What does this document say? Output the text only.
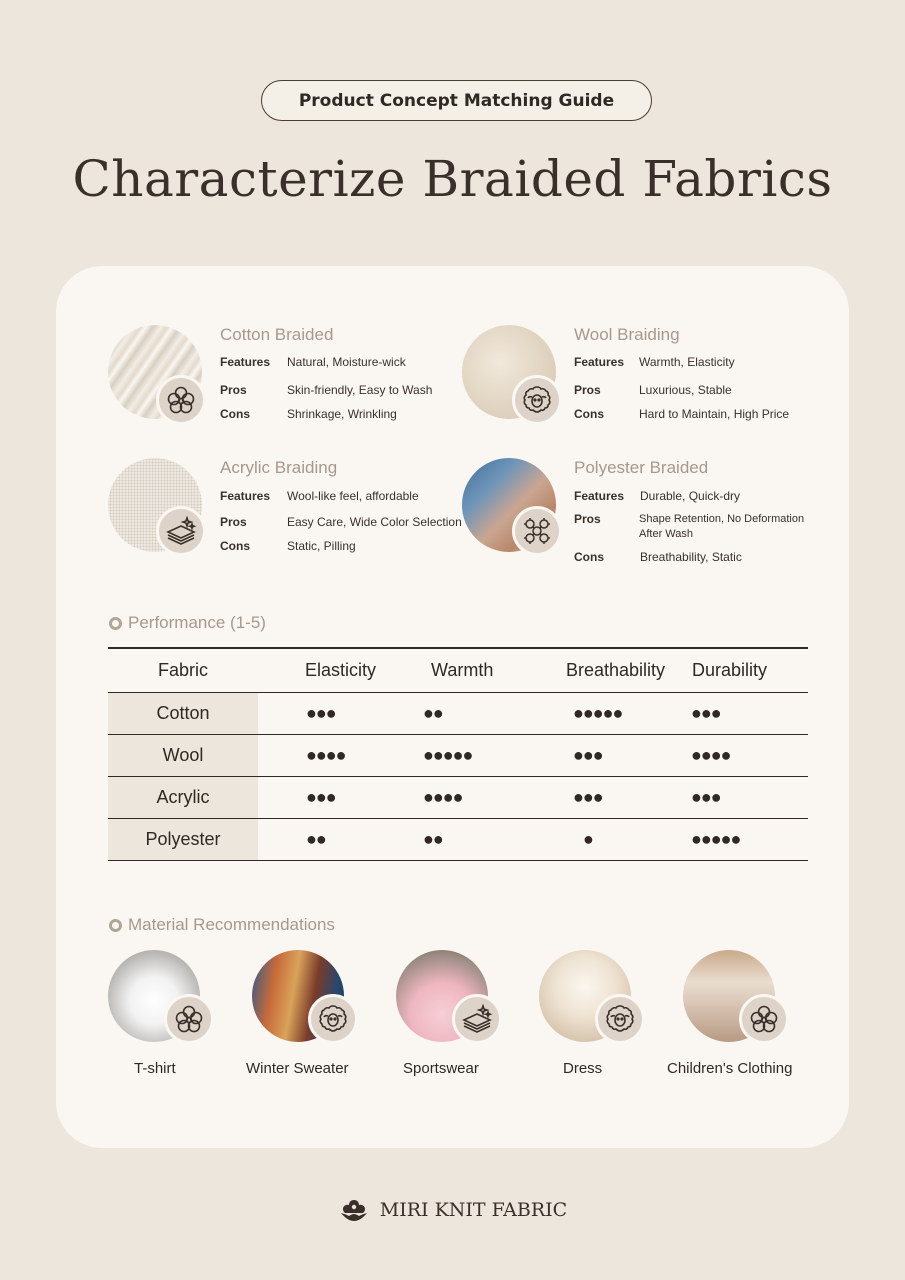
Product Concept Matching Guide
Characterize Braided Fabrics
Cotton Braided
Features	Natural, Moisture-wick
Pros	Skin-friendly, Easy to Wash
Cons	Shrinkage, Wrinkling
Wool Braiding
Features	Warmth, Elasticity
Pros	Luxurious, Stable
Cons	Hard to Maintain, High Price
Acrylic Braiding
Features	Wool-like feel, affordable
Pros	Easy Care, Wide Color Selection
Cons	Static, Pilling
Polyester Braided
Features	Durable, Quick-dry
Pros	Shape Retention, No Deformation After Wash
Cons	Breathability, Static
Performance (1-5)
Fabric	Elasticity	Warmth	Breathability	Durability
Cotton	●●●	●●	●●●●●	●●●
Wool	●●●●	●●●●●	●●●	●●●●
Acrylic	●●●	●●●●	●●●	●●●
Polyester	●●	●●	●	●●●●●
Material Recommendations
T-shirt	Winter Sweater	Sportswear	Dress	Children's Clothing
MIRI KNIT FABRIC
